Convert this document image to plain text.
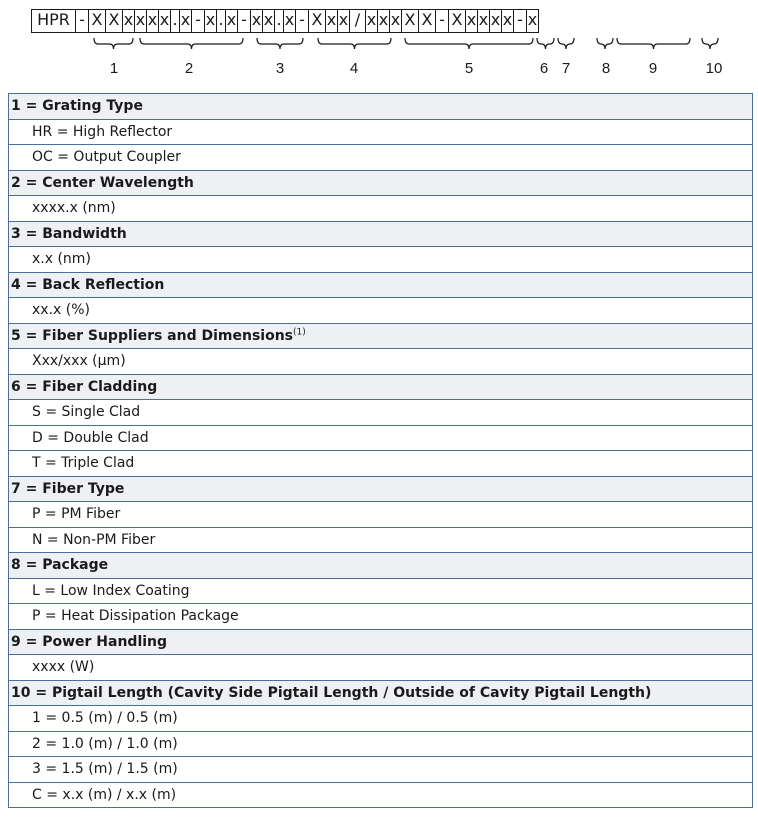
HPR - X X x x x x . x - x . x - x x . x - X x x / x x x X X - X x x x x - x
1	2	3	4	5	6 7 8	9	10
1 = Grating Type
HR = High Reflector
OC = Output Coupler
2 = Center Wavelength
xxxx.x (nm)
3 = Bandwidth
x.x (nm)
4 = Back Reflection
xx.x (%)
5 = Fiber Suppliers and Dimensions$^{(1)}$
Xxx/xxx (µm)
6 = Fiber Cladding
S = Single Clad
D = Double Clad
T = Triple Clad
7 = Fiber Type
P = PM Fiber
N = Non-PM Fiber
8 = Package
L = Low Index Coating
P = Heat Dissipation Package
9 = Power Handling
xxxx (W)
10 = Pigtail Length (Cavity Side Pigtail Length / Outside of Cavity Pigtail Length)
1 = 0.5 (m) / 0.5 (m)
2 = 1.0 (m) / 1.0 (m)
3 = 1.5 (m) / 1.5 (m)
C = x.x (m) / x.x (m)
